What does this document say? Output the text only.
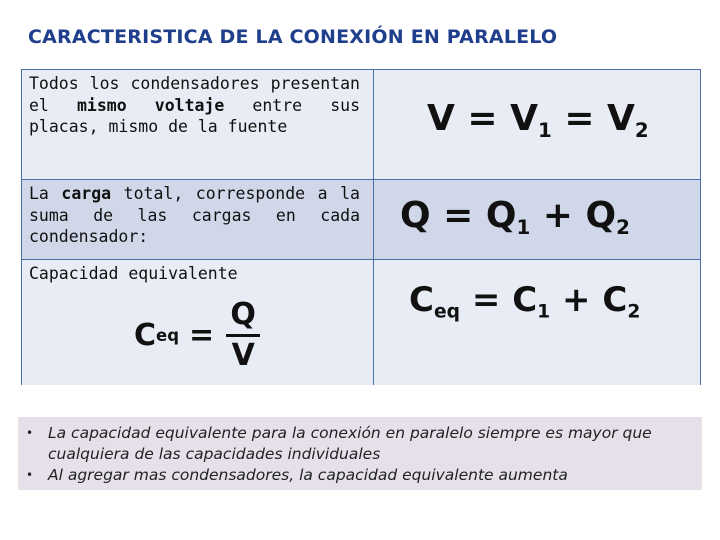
CARACTERISTICA DE LA CONEXIÓN EN PARALELO
Todos los condensadores presentan el mismo voltaje entre sus placas, mismo de la fuente	$V = V_1 = V_2$
La carga total, corresponde a la suma de las cargas en cada condensador:
$Q = Q_1 + Q_2$
Capacidad equivalente
C eq = $\frac{Q}{V}$	$C_{eq} = C_1 + C_2$
• La capacidad equivalente para la conexión en paralelo siempre es mayor que cualquiera de las capacidades individuales
• Al agregar mas condensadores, la capacidad equivalente aumenta
